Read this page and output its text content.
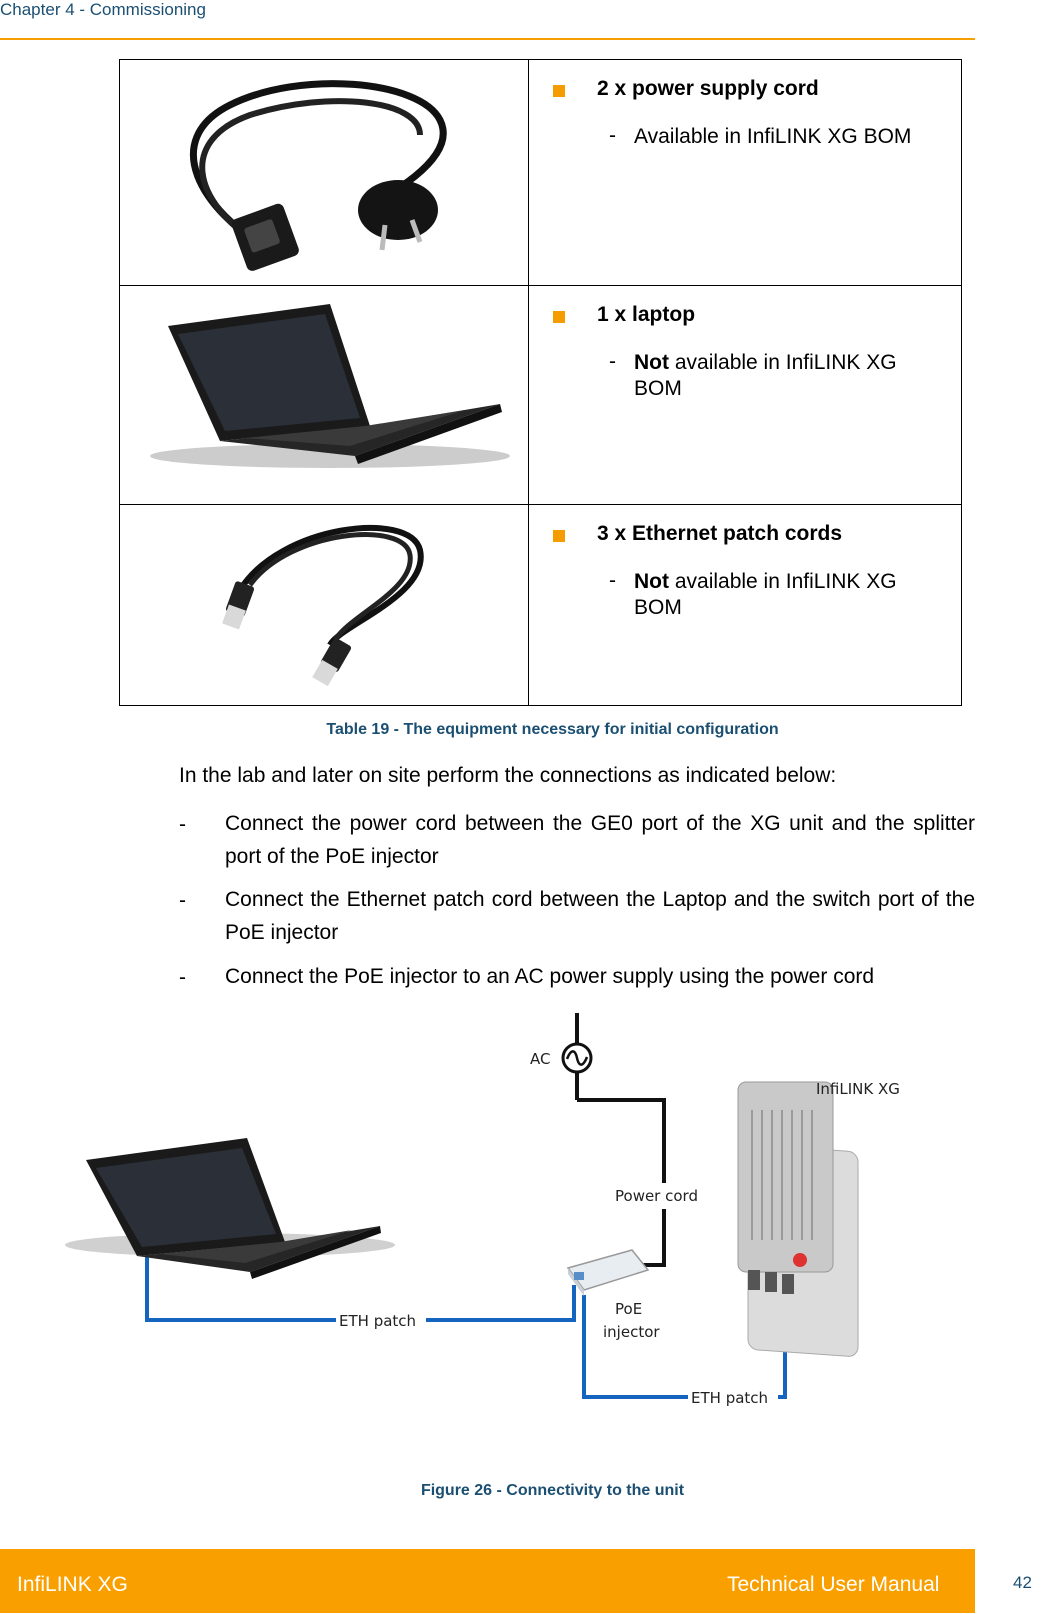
Chapter 4 - Commissioning

2 x power supply cord
- Available in InfiLINK XG BOM

1 x laptop
- Not available in InfiLINK XG BOM

3 x Ethernet patch cords
- Not available in InfiLINK XG BOM
Table 19 - The equipment necessary for initial configuration
In the lab and later on site perform the connections as indicated below:
- Connect the power cord between the GE0 port of the XG unit and the splitter port of the PoE injector
- Connect the Ethernet patch cord between the Laptop and the switch port of the PoE injector
- Connect the PoE injector to an AC power supply using the power cord
AC
InfiLINK XG
Power cord
PoE
injector
ETH patch
ETH patch
Figure 26 - Connectivity to the unit
InfiLINK XG	Technical User Manual	42
